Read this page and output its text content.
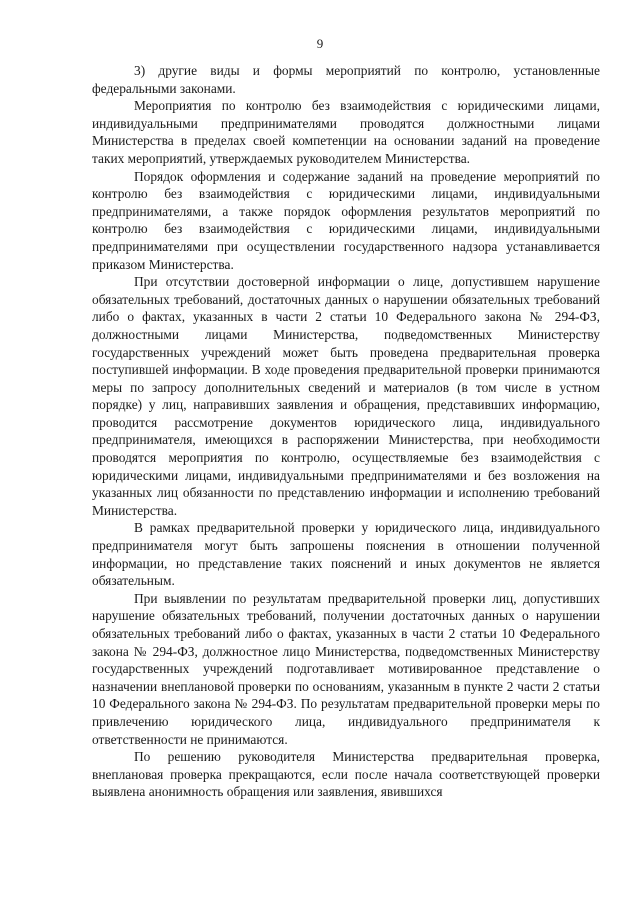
9

3) другие виды и формы мероприятий по контролю, установленные федеральными законами.

Мероприятия по контролю без взаимодействия с юридическими лицами, индивидуальными предпринимателями проводятся должностными лицами Министерства в пределах своей компетенции на основании заданий на проведение таких мероприятий, утверждаемых руководителем Министерства.

Порядок оформления и содержание заданий на проведение мероприятий по контролю без взаимодействия с юридическими лицами, индивидуальными предпринимателями, а также порядок оформления результатов мероприятий по контролю без взаимодействия с юридическими лицами, индивидуальными предпринимателями при осуществлении государственного надзора устанавливается приказом Министерства.

При отсутствии достоверной информации о лице, допустившем нарушение обязательных требований, достаточных данных о нарушении обязательных требований либо о фактах, указанных в части 2 статьи 10 Федерального закона № 294-ФЗ, должностными лицами Министерства, подведомственных Министерству государственных учреждений может быть проведена предварительная проверка поступившей информации. В ходе проведения предварительной проверки принимаются меры по запросу дополнительных сведений и материалов (в том числе в устном порядке) у лиц, направивших заявления и обращения, представивших информацию, проводится рассмотрение документов юридического лица, индивидуального предпринимателя, имеющихся в распоряжении Министерства, при необходимости проводятся мероприятия по контролю, осуществляемые без взаимодействия с юридическими лицами, индивидуальными предпринимателями и без возложения на указанных лиц обязанности по представлению информации и исполнению требований Министерства.

В рамках предварительной проверки у юридического лица, индивидуального предпринимателя могут быть запрошены пояснения в отношении полученной информации, но представление таких пояснений и иных документов не является обязательным.

При выявлении по результатам предварительной проверки лиц, допустивших нарушение обязательных требований, получении достаточных данных о нарушении обязательных требований либо о фактах, указанных в части 2 статьи 10 Федерального закона № 294-ФЗ, должностное лицо Министерства, подведомственных Министерству государственных учреждений подготавливает мотивированное представление о назначении внеплановой проверки по основаниям, указанным в пункте 2 части 2 статьи 10 Федерального закона № 294-ФЗ. По результатам предварительной проверки меры по привлечению юридического лица, индивидуального предпринимателя к ответственности не принимаются.

По решению руководителя Министерства предварительная проверка, внеплановая проверка прекращаются, если после начала соответствующей проверки выявлена анонимность обращения или заявления, явившихся
